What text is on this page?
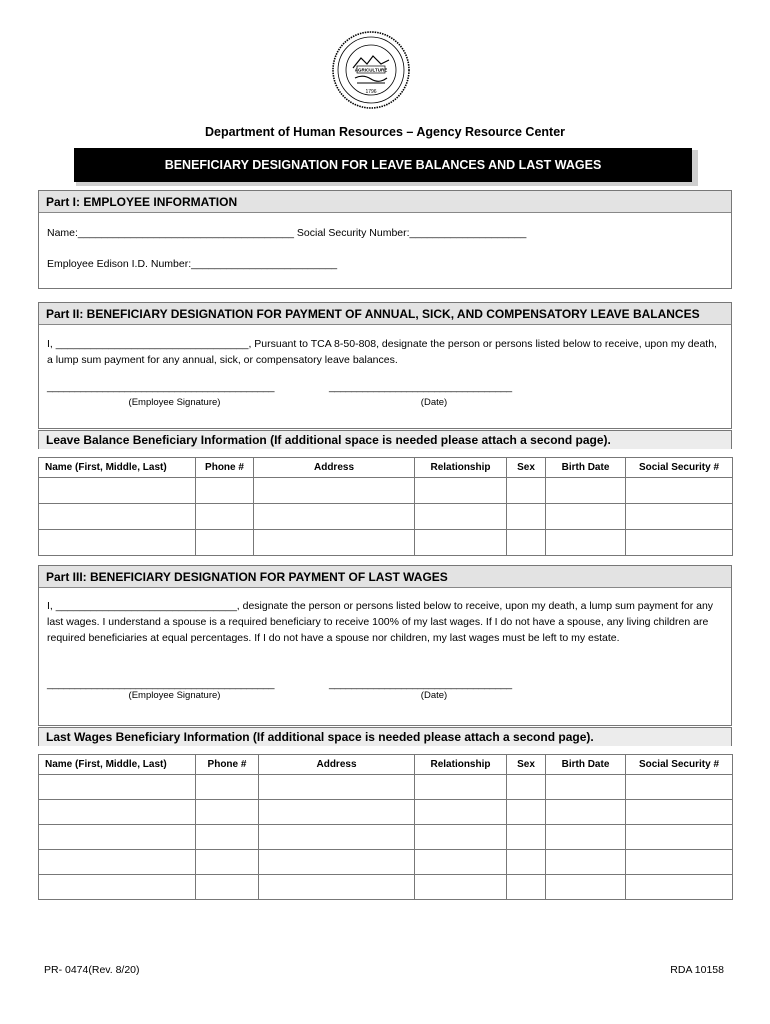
AGRICULTURE
1796
Department of Human Resources – Agency Resource Center
BENEFICIARY DESIGNATION FOR LEAVE BALANCES AND LAST WAGES
Part I: EMPLOYEE INFORMATION
Name:_____________________________________ Social Security Number:____________________
Employee Edison I.D. Number:_________________________
Part II: BENEFICIARY DESIGNATION FOR PAYMENT OF ANNUAL, SICK, AND COMPENSATORY LEAVE BALANCES
I, _________________________________, Pursuant to TCA 8-50-808, designate the person or persons listed below to receive, upon my death, a lump sum payment for any annual, sick, or compensatory leave balances.
_________________________________________	_________________________________
(Employee Signature)	(Date)
Leave Balance Beneficiary Information (If additional space is needed please attach a second page).
Name (First, Middle, Last)	Phone #	Address	Relationship	Sex	Birth Date	Social Security #

Part III: BENEFICIARY DESIGNATION FOR PAYMENT OF LAST WAGES
I, _______________________________, designate the person or persons listed below to receive, upon my death, a lump sum payment for any last wages. I understand a spouse is a required beneficiary to receive 100% of my last wages. If I do not have a spouse, any living children are required beneficiaries at equal percentages. If I do not have a spouse nor children, my last wages must be left to my estate.
_________________________________________	_________________________________
(Employee Signature)	(Date)
Last Wages Beneficiary Information (If additional space is needed please attach a second page).
Name (First, Middle, Last)	Phone #	Address	Relationship	Sex	Birth Date	Social Security #

PR- 0474(Rev. 8/20)	RDA 10158
